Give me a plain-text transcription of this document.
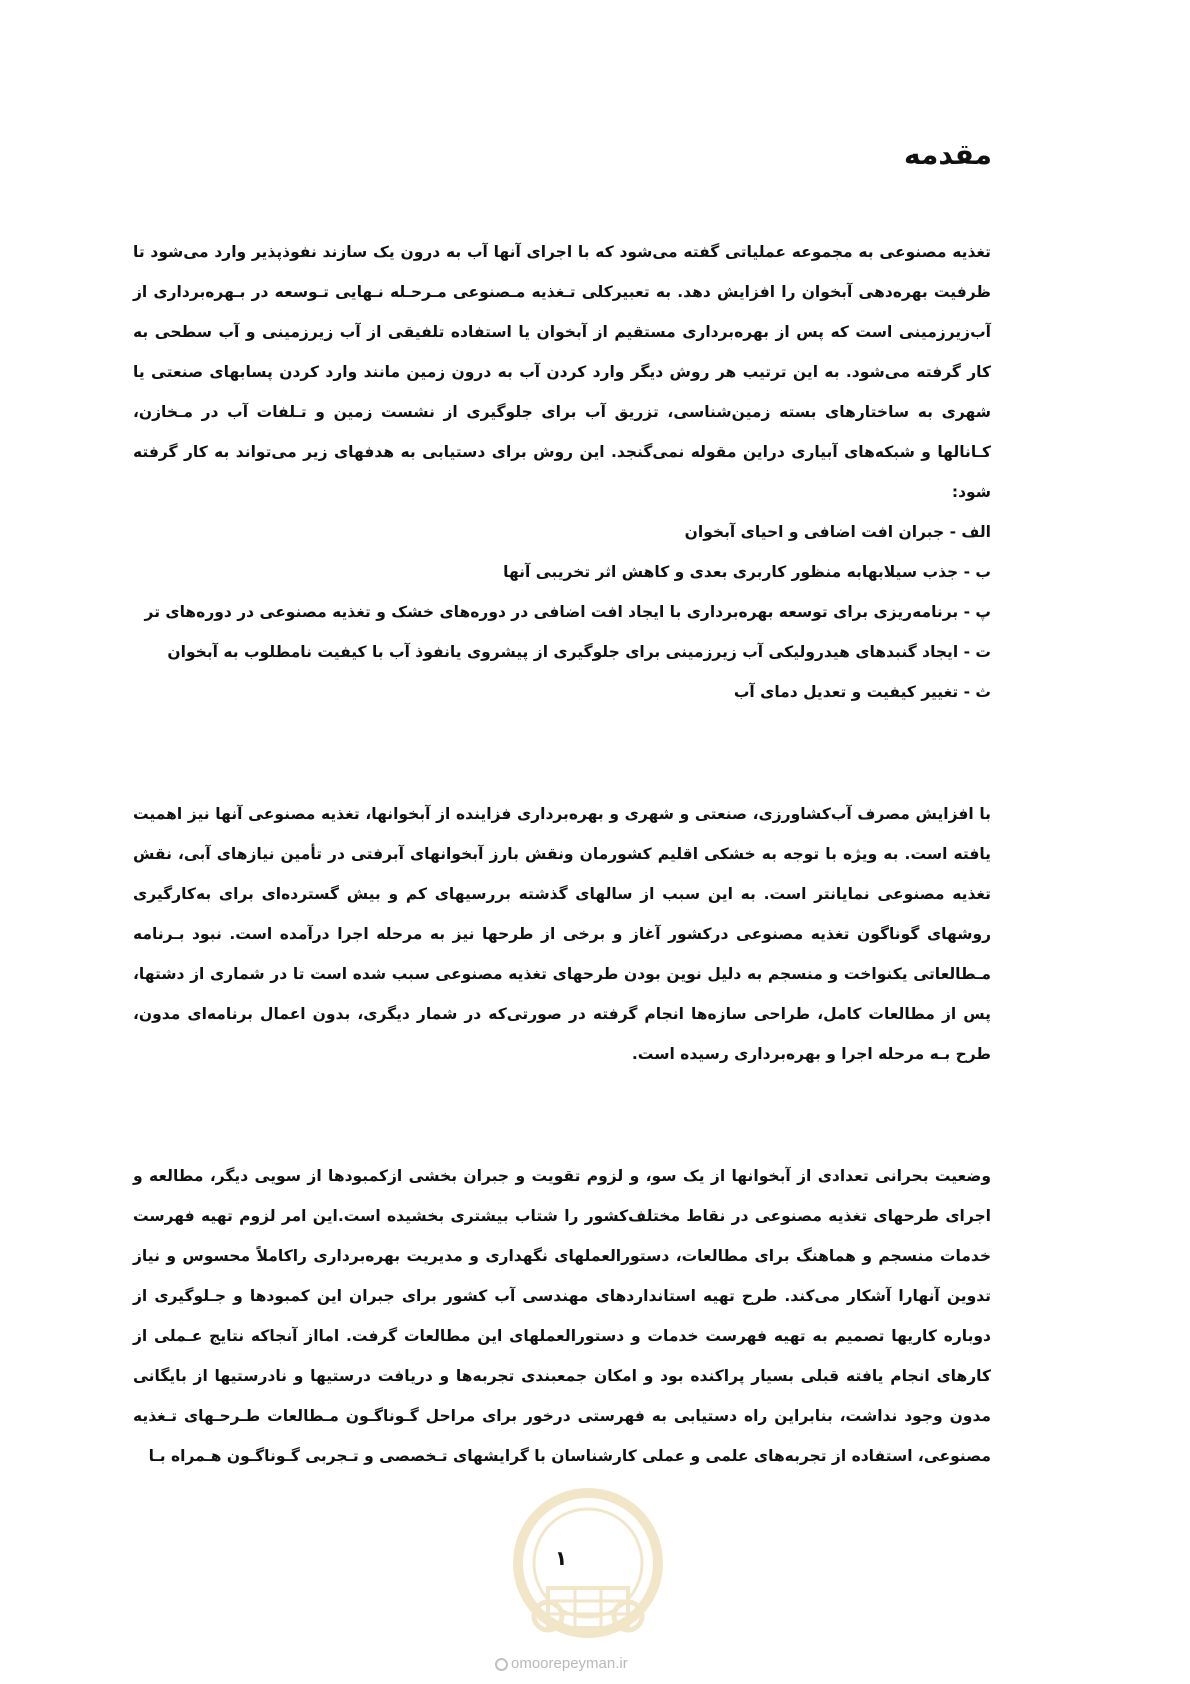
مقدمه

تغذیه مصنوعی به مجموعه عملیاتی گفته می‌شود که با اجرای آنها آب به درون یک سازند نفوذپذیر وارد می‌شود تا ظرفیت بهره‌دهی آبخوان را افزایش دهد. به تعبیرکلی تـغذیه مـصنوعی مـرحـله نـهایی تـوسعه در بـهره‌برداری از آب‌زیرزمینی است که پس از بهره‌برداری مستقیم از آبخوان یا استفاده تلفیقی از آب زیرزمینی و آب سطحی به کار گرفته می‌شود. به این ترتیب هر روش دیگر وارد کردن آب به درون زمین مانند وارد کردن پسابهای صنعتی یا شهری به ساختارهای بسته زمین‌شناسی، تزریق آب برای جلوگیری از نشست زمین و تـلفات آب در مـخازن، کـانالها و شبکه‌های آبیاری دراین مقوله نمی‌گنجد. این روش برای دستیابی به هدفهای زیر می‌تواند به کار گرفته شود:

الف - جبران افت اضافی و احیای آبخوان

ب - جذب سیلابهابه منظور کاربری بعدی و کاهش اثر تخریبی آنها

پ - برنامه‌ریزی برای توسعه بهره‌برداری با ایجاد افت اضافی در دوره‌های خشک و تغذیه مصنوعی در دوره‌های تر

ت - ایجاد گنبدهای هیدرولیکی آب زیرزمینی برای جلوگیری از پیشروی یانفوذ آب با کیفیت نامطلوب به آبخوان

ث - تغییر کیفیت و تعدیل دمای آب

با افزایش مصرف آب‌کشاورزی، صنعتی و شهری و بهره‌برداری فزاینده از آبخوانها، تغذیه مصنوعی آنها نیز اهمیت یافته است. به ویژه با توجه به خشکی اقلیم کشورمان ونقش بارز آبخوانهای آبرفتی در تأمین نیازهای آبی، نقش تغذیه مصنوعی نمایانتر است. به این سبب از سالهای گذشته بررسیهای کم و بیش گسترده‌ای برای به‌کارگیری روشهای گوناگون تغذیه مصنوعی درکشور آغاز و برخی از طرحها نیز به مرحله اجرا درآمده است. نبود بـرنامه مـطالعاتی یکنواخت و منسجم به دلیل نوین بودن طرحهای تغذیه مصنوعی سبب شده است تا در شماری از دشتها، پس از مطالعات کامل، طراحی سازه‌ها انجام گرفته در صورتی‌که در شمار دیگری، بدون اعمال برنامه‌ای مدون، طرح بـه مرحله اجرا و بهره‌برداری رسیده است.

وضعیت بحرانی تعدادی از آبخوانها از یک سو، و لزوم تقویت و جبران بخشی ازکمبودها از سویی دیگر، مطالعه و اجرای طرحهای تغذیه مصنوعی در نقاط مختلف‌کشور را شتاب بیشتری بخشیده است.این امر لزوم تهیه فهرست خدمات منسجم و هماهنگ برای مطالعات، دستورالعملهای نگهداری و مدیریت بهره‌برداری راکاملاً محسوس و نیاز تدوین آنهارا آشکار می‌کند. طرح تهیه استانداردهای مهندسی آب کشور برای جبران این کمبودها و جـلوگیری از دوباره کاریها تصمیم به تهیه فهرست خدمات و دستورالعملهای این مطالعات گرفت. امااز آنجاکه نتایج عـملی از کارهای انجام یافته قبلی بسیار پراکنده بود و امکان جمعبندی تجربه‌ها و دریافت درستیها و نادرستیها از بایگانی مدون وجود نداشت، بنابراین راه دستیابی به فهرستی درخور برای مراحل گـوناگـون مـطالعات طـرحـهای تـغذیه مصنوعی، استفاده از تجربه‌های علمی و عملی کارشناسان با گرایشهای تـخصصی و تـجربی گـوناگـون هـمراه بـا

۱
omoorepeyman.ir
